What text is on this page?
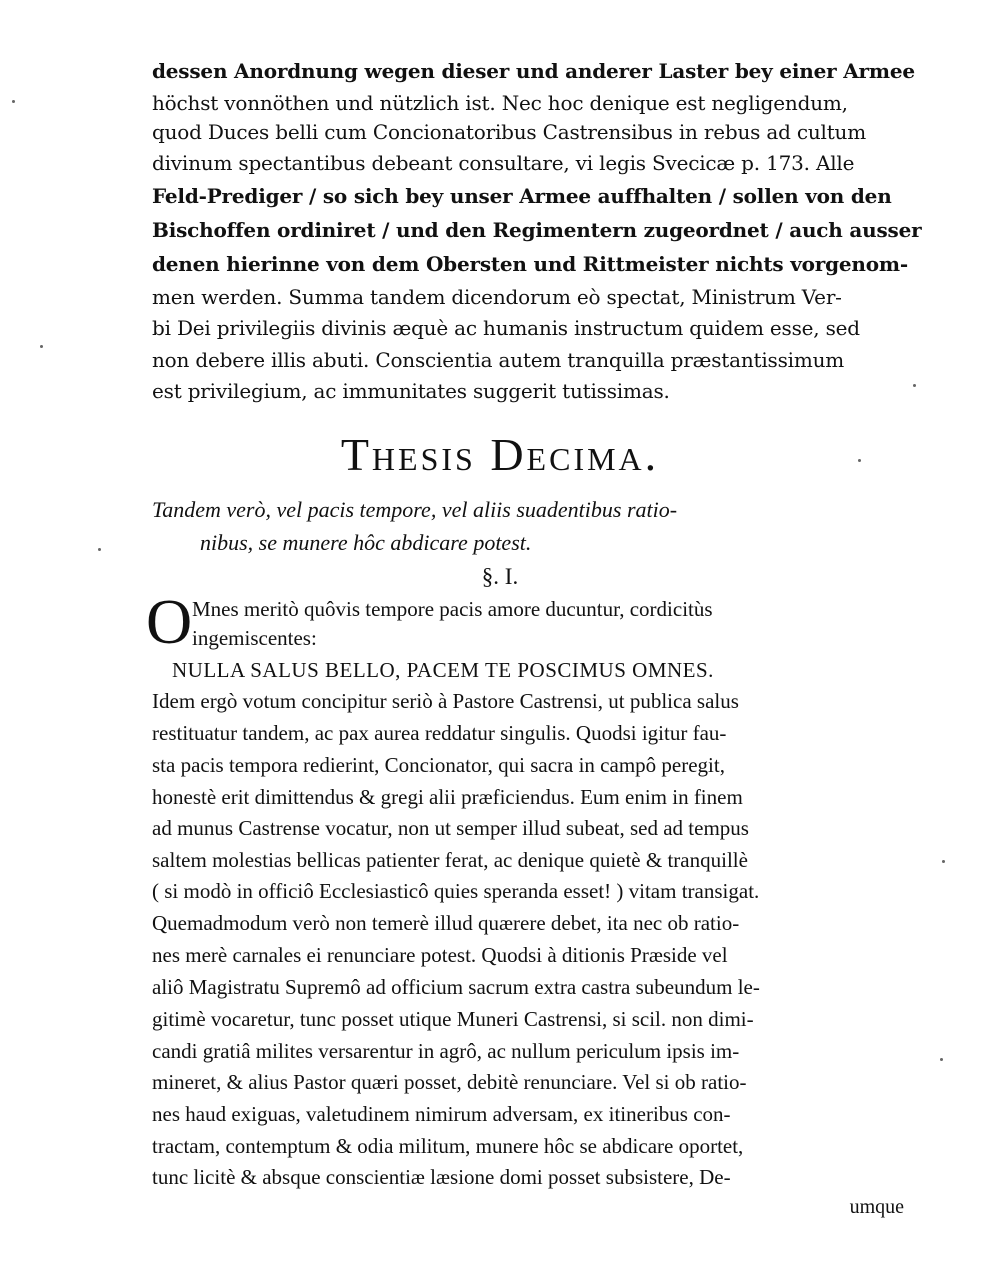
dessen Anordnung wegen dieser und anderer Laster bey einer Armee
höchst vonnöthen und nützlich ist. Nec hoc denique est negligendum,
quod Duces belli cum Concionatoribus Castrensibus in rebus ad cultum
divinum spectantibus debeant consultare, vi legis Svecicæ p. 173. Alle
Feld-Prediger / so sich bey unser Armee auffhalten / sollen von den
Bischoffen ordiniret / und den Regimentern zugeordnet / auch ausser
denen hierinne von dem Obersten und Rittmeister nichts vorgenom-
men werden. Summa tandem dicendorum eò spectat, Ministrum Ver-
bi Dei privilegiis divinis æquè ac humanis instructum quidem esse, sed
non debere illis abuti. Conscientia autem tranquilla præstantissimum
est privilegium, ac immunitates suggerit tutissimas.
Thesis Decima.
Tandem verò, vel pacis tempore, vel aliis suadentibus ratio-
nibus, se munere hôc abdicare potest.
§. I.
O Mnes meritò quôvis tempore pacis amore ducuntur, cordicitùs
ingemiscentes:
NULLA SALUS BELLO, PACEM TE POSCIMUS OMNES.
Idem ergò votum concipitur seriò à Pastore Castrensi, ut publica salus
restituatur tandem, ac pax aurea reddatur singulis. Quodsi igitur fau-
sta pacis tempora redierint, Concionator, qui sacra in campô peregit,
honestè erit dimittendus & gregi alii præficiendus. Eum enim in finem
ad munus Castrense vocatur, non ut semper illud subeat, sed ad tempus
saltem molestias bellicas patienter ferat, ac denique quietè & tranquillè
( si modò in officiô Ecclesiasticô quies speranda esset! ) vitam transigat.
Quemadmodum verò non temerè illud quærere debet, ita nec ob ratio-
nes merè carnales ei renunciare potest. Quodsi à ditionis Præside vel
aliô Magistratu Supremô ad officium sacrum extra castra subeundum le-
gitimè vocaretur, tunc posset utique Muneri Castrensi, si scil. non dimi-
candi gratiâ milites versarentur in agrô, ac nullum periculum ipsis im-
mineret, & alius Pastor quæri posset, debitè renunciare. Vel si ob ratio-
nes haud exiguas, valetudinem nimirum adversam, ex itineribus con-
tractam, contemptum & odia militum, munere hôc se abdicare oportet,
tunc licitè & absque conscientiæ læsione domi posset subsistere, De-
umque
